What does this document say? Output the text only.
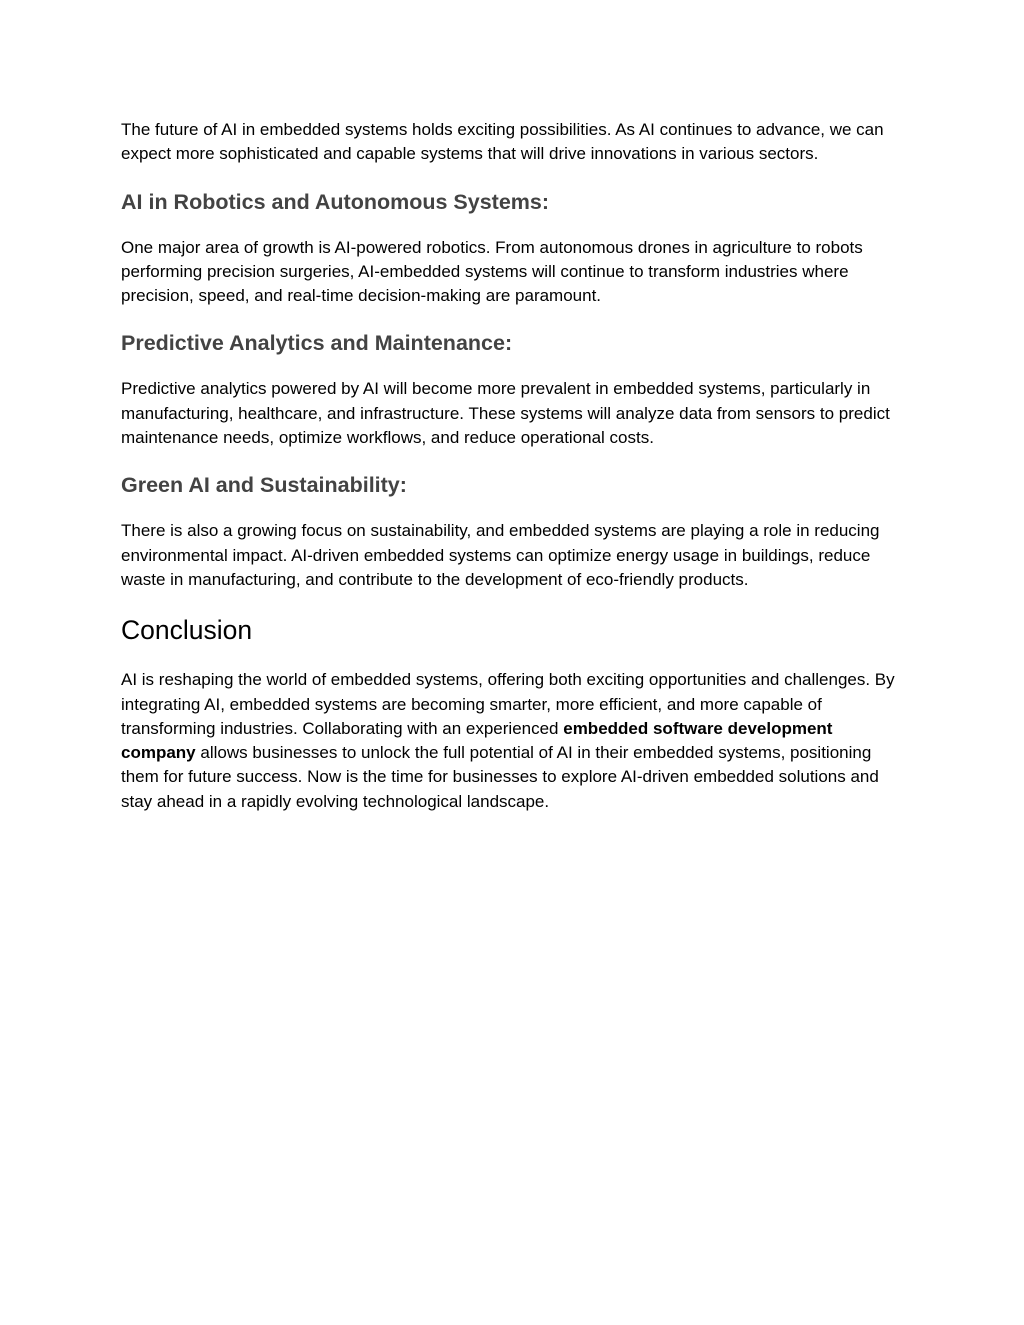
The future of AI in embedded systems holds exciting possibilities. As AI continues to advance, we can expect more sophisticated and capable systems that will drive innovations in various sectors.

AI in Robotics and Autonomous Systems:

One major area of growth is AI-powered robotics. From autonomous drones in agriculture to robots performing precision surgeries, AI-embedded systems will continue to transform industries where precision, speed, and real-time decision-making are paramount.

Predictive Analytics and Maintenance:

Predictive analytics powered by AI will become more prevalent in embedded systems, particularly in manufacturing, healthcare, and infrastructure. These systems will analyze data from sensors to predict maintenance needs, optimize workflows, and reduce operational costs.

Green AI and Sustainability:

There is also a growing focus on sustainability, and embedded systems are playing a role in reducing environmental impact. AI-driven embedded systems can optimize energy usage in buildings, reduce waste in manufacturing, and contribute to the development of eco-friendly products.

Conclusion

AI is reshaping the world of embedded systems, offering both exciting opportunities and challenges. By integrating AI, embedded systems are becoming smarter, more efficient, and more capable of transforming industries. Collaborating with an experienced embedded software development company allows businesses to unlock the full potential of AI in their embedded systems, positioning them for future success. Now is the time for businesses to explore AI-driven embedded solutions and stay ahead in a rapidly evolving technological landscape.
